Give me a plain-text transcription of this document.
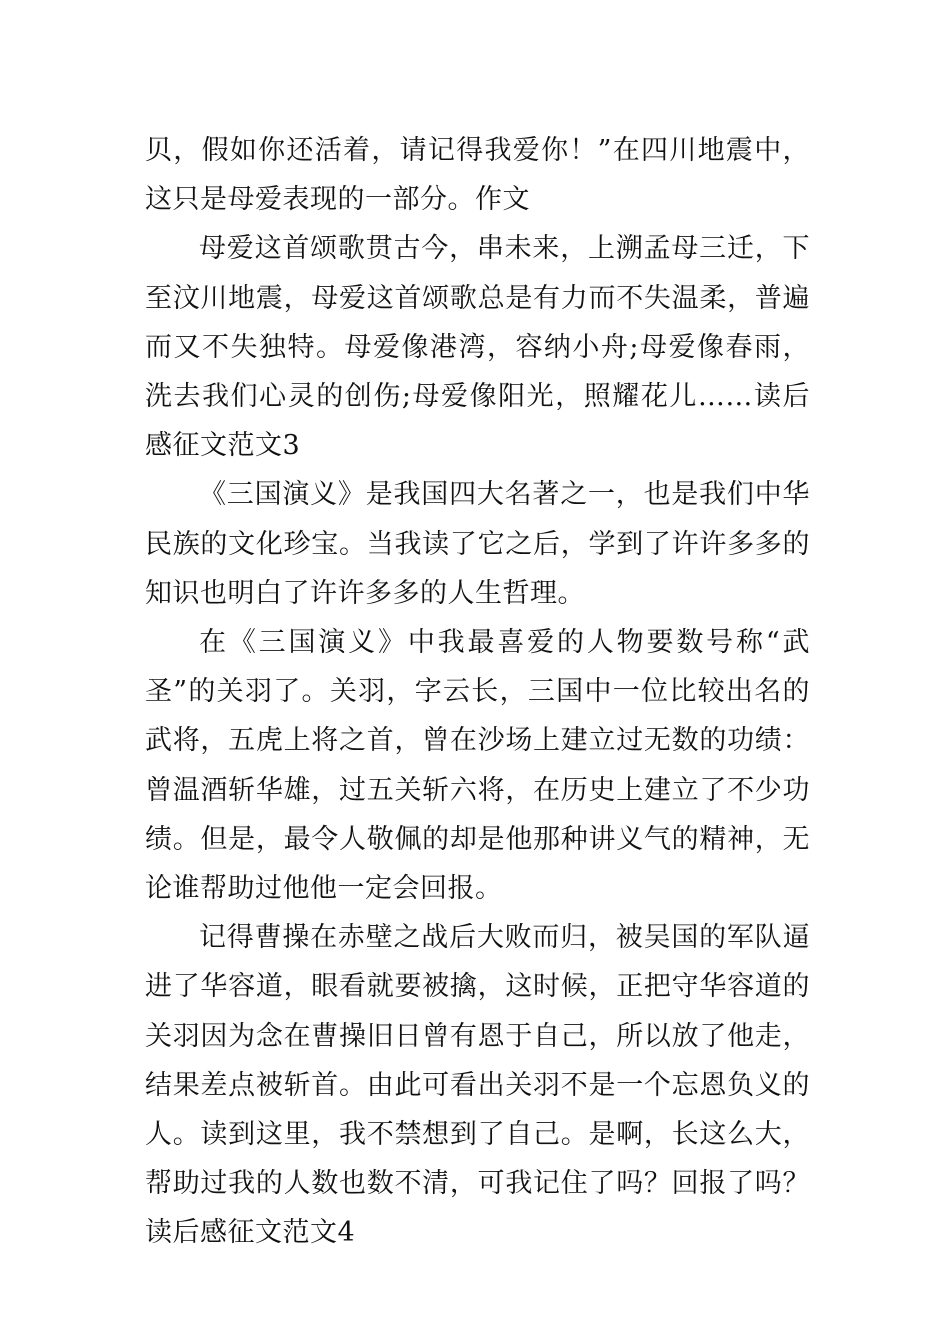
贝，假如你还活着，请记得我爱你！”在四川地震中，这只是母爱表现的一部分。作文

母爱这首颂歌贯古今，串未来，上溯孟母三迁，下至汶川地震，母爱这首颂歌总是有力而不失温柔，普遍而又不失独特。母爱像港湾，容纳小舟;母爱像春雨，洗去我们心灵的创伤;母爱像阳光，照耀花儿……读后感征文范文3

《三国演义》是我国四大名著之一，也是我们中华民族的文化珍宝。当我读了它之后，学到了许许多多的知识也明白了许许多多的人生哲理。

在《三国演义》中我最喜爱的人物要数号称“武圣”的关羽了。关羽，字云长，三国中一位比较出名的武将，五虎上将之首，曾在沙场上建立过无数的功绩：曾温酒斩华雄，过五关斩六将，在历史上建立了不少功绩。但是，最令人敬佩的却是他那种讲义气的精神，无论谁帮助过他他一定会回报。

记得曹操在赤壁之战后大败而归，被吴国的军队逼进了华容道，眼看就要被擒，这时候，正把守华容道的关羽因为念在曹操旧日曾有恩于自己，所以放了他走，结果差点被斩首。由此可看出关羽不是一个忘恩负义的人。读到这里，我不禁想到了自己。是啊，长这么大，帮助过我的人数也数不清，可我记住了吗？回报了吗？读后感征文范文4
